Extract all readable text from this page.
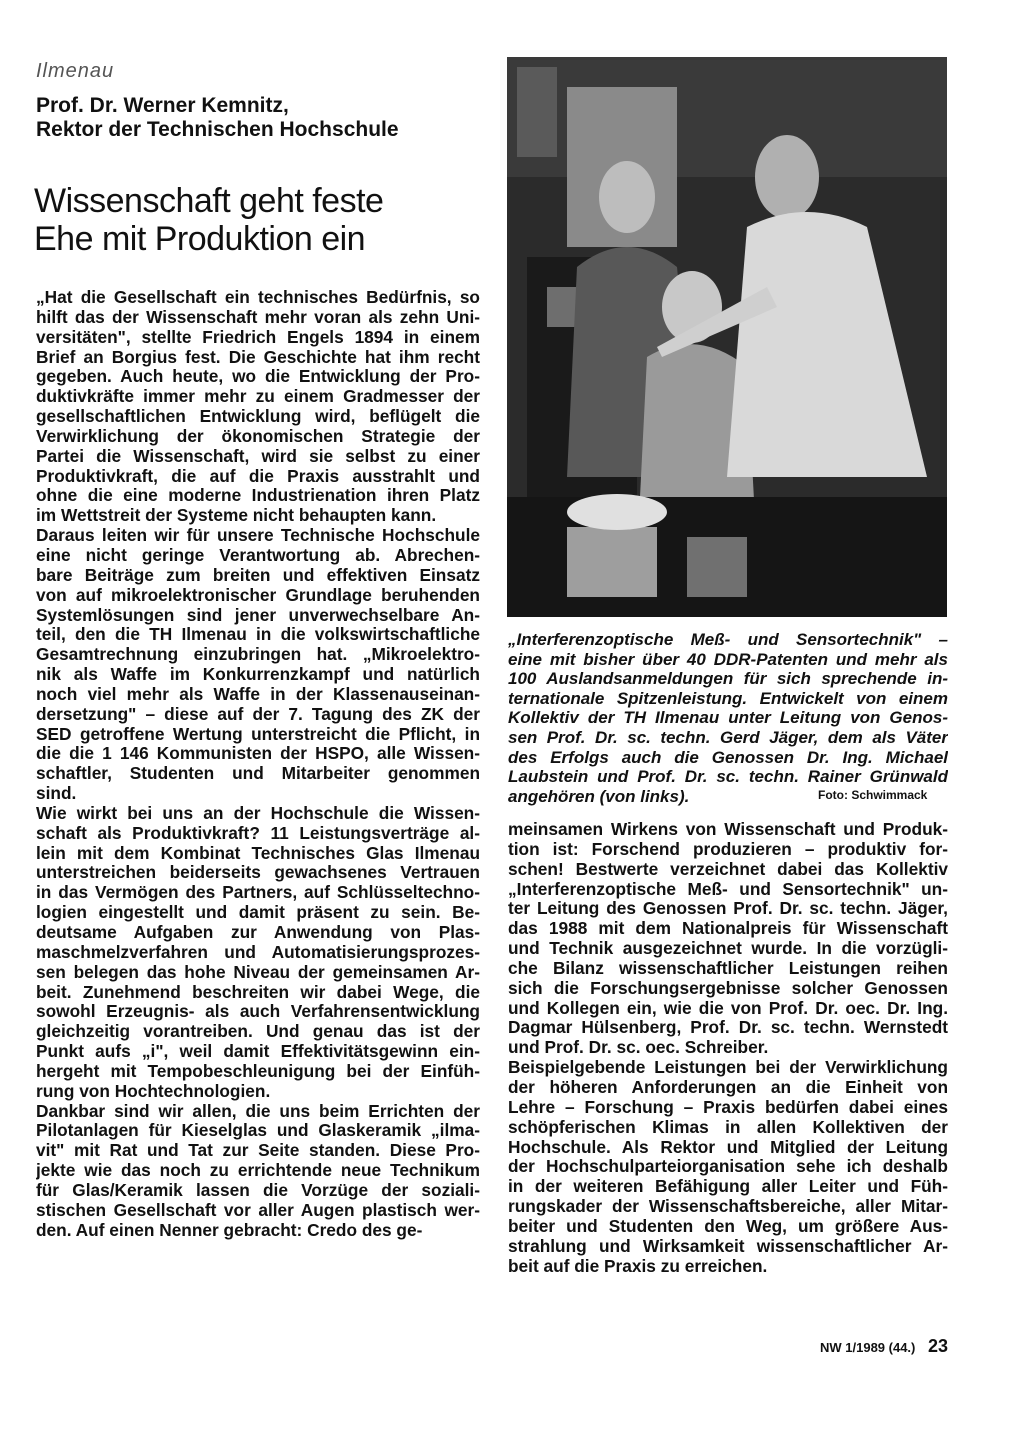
Ilmenau
Prof. Dr. Werner Kemnitz,
Rektor der Technischen Hochschule
Wissenschaft geht feste
Ehe mit Produktion ein
„Hat die Gesellschaft ein technisches Bedürfnis, so
hilft das der Wissenschaft mehr voran als zehn Uni-
versitäten", stellte Friedrich Engels 1894 in einem
Brief an Borgius fest. Die Geschichte hat ihm recht
gegeben. Auch heute, wo die Entwicklung der Pro-
duktivkräfte immer mehr zu einem Gradmesser der
gesellschaftlichen Entwicklung wird, beflügelt die
Verwirklichung der ökonomischen Strategie der
Partei die Wissenschaft, wird sie selbst zu einer
Produktivkraft, die auf die Praxis ausstrahlt und
ohne die eine moderne Industrienation ihren Platz
im Wettstreit der Systeme nicht behaupten kann.
Daraus leiten wir für unsere Technische Hochschule
eine nicht geringe Verantwortung ab. Abrechen-
bare Beiträge zum breiten und effektiven Einsatz
von auf mikroelektronischer Grundlage beruhenden
Systemlösungen sind jener unverwechselbare An-
teil, den die TH Ilmenau in die volkswirtschaftliche
Gesamtrechnung einzubringen hat. „Mikroelektro-
nik als Waffe im Konkurrenzkampf und natürlich
noch viel mehr als Waffe in der Klassenauseinan-
dersetzung" – diese auf der 7. Tagung des ZK der
SED getroffene Wertung unterstreicht die Pflicht, in
die die 1 146 Kommunisten der HSPO, alle Wissen-
schaftler, Studenten und Mitarbeiter genommen
sind.
Wie wirkt bei uns an der Hochschule die Wissen-
schaft als Produktivkraft? 11 Leistungsverträge al-
lein mit dem Kombinat Technisches Glas Ilmenau
unterstreichen beiderseits gewachsenes Vertrauen
in das Vermögen des Partners, auf Schlüsseltechno-
logien eingestellt und damit präsent zu sein. Be-
deutsame Aufgaben zur Anwendung von Plas-
maschmelzverfahren und Automatisierungsprozes-
sen belegen das hohe Niveau der gemeinsamen Ar-
beit. Zunehmend beschreiten wir dabei Wege, die
sowohl Erzeugnis- als auch Verfahrensentwicklung
gleichzeitig vorantreiben. Und genau das ist der
Punkt aufs „i", weil damit Effektivitätsgewinn ein-
hergeht mit Tempobeschleunigung bei der Einfüh-
rung von Hochtechnologien.
Dankbar sind wir allen, die uns beim Errichten der
Pilotanlagen für Kieselglas und Glaskeramik „ilma-
vit" mit Rat und Tat zur Seite standen. Diese Pro-
jekte wie das noch zu errichtende neue Technikum
für Glas/Keramik lassen die Vorzüge der soziali-
stischen Gesellschaft vor aller Augen plastisch wer-
den. Auf einen Nenner gebracht: Credo des ge-
„Interferenzoptische Meß- und Sensortechnik" –
eine mit bisher über 40 DDR-Patenten und mehr als
100 Auslandsanmeldungen für sich sprechende in-
ternationale Spitzenleistung. Entwickelt von einem
Kollektiv der TH Ilmenau unter Leitung von Genos-
sen Prof. Dr. sc. techn. Gerd Jäger, dem als Väter
des Erfolgs auch die Genossen Dr. Ing. Michael
Laubstein und Prof. Dr. sc. techn. Rainer Grünwald
angehören (von links).	Foto: Schwimmack
meinsamen Wirkens von Wissenschaft und Produk-
tion ist: Forschend produzieren – produktiv for-
schen! Bestwerte verzeichnet dabei das Kollektiv
„Interferenzoptische Meß- und Sensortechnik" un-
ter Leitung des Genossen Prof. Dr. sc. techn. Jäger,
das 1988 mit dem Nationalpreis für Wissenschaft
und Technik ausgezeichnet wurde. In die vorzügli-
che Bilanz wissenschaftlicher Leistungen reihen
sich die Forschungsergebnisse solcher Genossen
und Kollegen ein, wie die von Prof. Dr. oec. Dr. Ing.
Dagmar Hülsenberg, Prof. Dr. sc. techn. Wernstedt
und Prof. Dr. sc. oec. Schreiber.
Beispielgebende Leistungen bei der Verwirklichung
der höheren Anforderungen an die Einheit von
Lehre – Forschung – Praxis bedürfen dabei eines
schöpferischen Klimas in allen Kollektiven der
Hochschule. Als Rektor und Mitglied der Leitung
der Hochschulparteiorganisation sehe ich deshalb
in der weiteren Befähigung aller Leiter und Füh-
rungskader der Wissenschaftsbereiche, aller Mitar-
beiter und Studenten den Weg, um größere Aus-
strahlung und Wirksamkeit wissenschaftlicher Ar-
beit auf die Praxis zu erreichen.
NW 1/1989 (44.) 23
